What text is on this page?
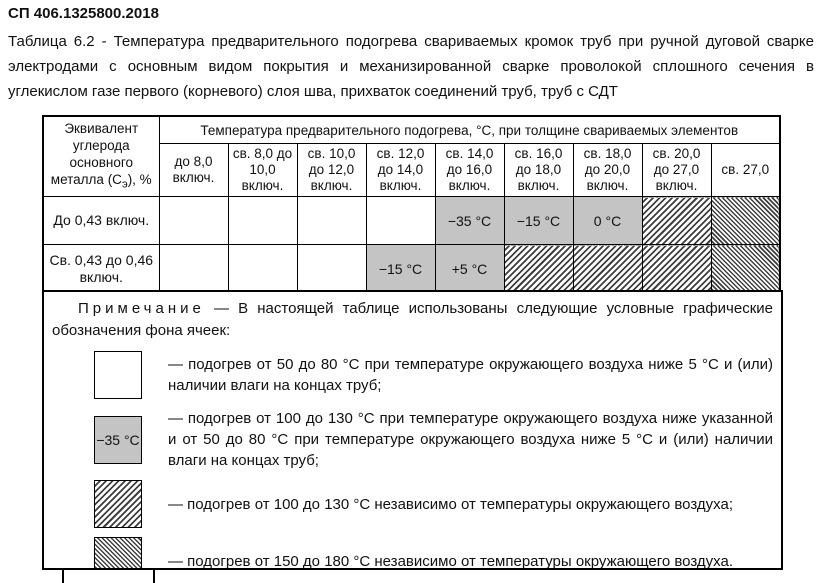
СП 406.1325800.2018
Таблица 6.2 - Температура предварительного подогрева свариваемых кромок труб при ручной дуговой сварке электродами с основным видом покрытия и механизированной сварке проволокой сплошного сечения в углекислом газе первого (корневого) слоя шва, прихваток соединений труб, труб с СДТ
Эквивалент углерода основного металла $(С_э)$, %	Температура предварительного подогрева, °С, при толщине свариваемых элементов								
	до 8,0 включ.	св. 8,0 до 10,0 включ.	св. 10,0 до 12,0 включ.	св. 12,0 до 14,0 включ.	св. 14,0 до 16,0 включ.	св. 16,0 до 18,0 включ.	св. 18,0 до 20,0 включ.	св. 20,0 до 27,0 включ.	св. 27,0
До 0,43 включ.					−35 °С	−15 °С	0 °С		
Св. 0,43 до 0,46 включ.				−15 °С	+5 °С				
Примечание — В настоящей таблице использованы следующие условные графические обозначения фона ячеек:
— подогрев от 50 до 80 °С при температуре окружающего воздуха ниже 5 °С и (или) наличии влаги на концах труб;
−35 °С
— подогрев от 100 до 130 °С при температуре окружающего воздуха ниже указанной и от 50 до 80 °С при температуре окружающего воздуха ниже 5 °С и (или) наличии влаги на концах труб;
— подогрев от 100 до 130 °С независимо от температуры окружающего воздуха;
— подогрев от 150 до 180 °С независимо от температуры окружающего воздуха.
